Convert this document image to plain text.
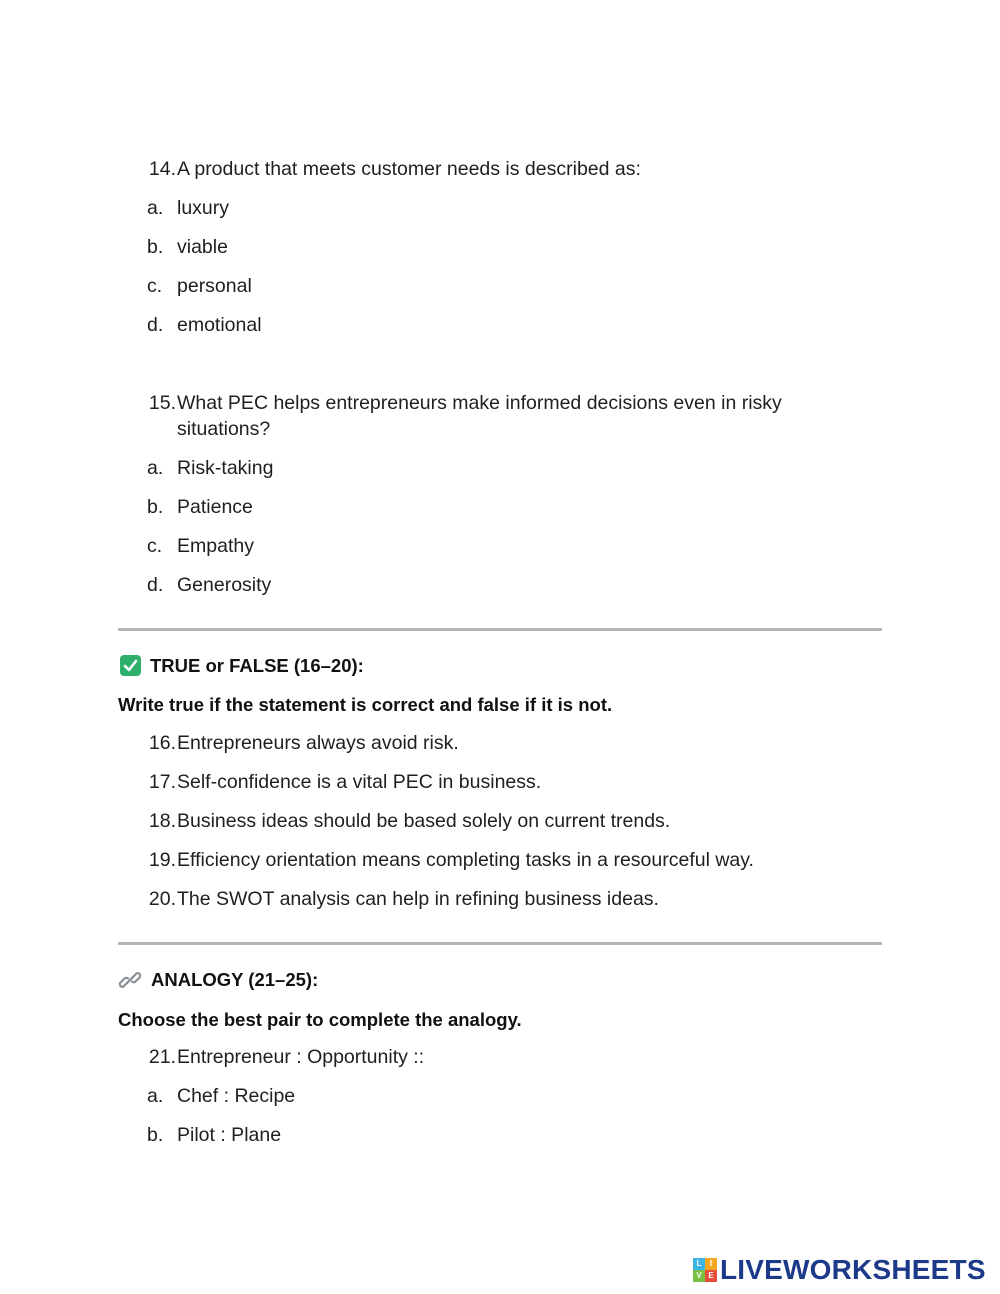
14. A product that meets customer needs is described as:
a. luxury
b. viable
c. personal
d. emotional
15. What PEC helps entrepreneurs make informed decisions even in risky
situations?
a. Risk-taking
b. Patience
c. Empathy
d. Generosity
TRUE or FALSE (16–20):
Write true if the statement is correct and false if it is not.
16. Entrepreneurs always avoid risk.
17. Self-confidence is a vital PEC in business.
18. Business ideas should be based solely on current trends.
19. Efficiency orientation means completing tasks in a resourceful way.
20. The SWOT analysis can help in refining business ideas.
ANALOGY (21–25):
Choose the best pair to complete the analogy.
21. Entrepreneur : Opportunity ::
a. Chef : Recipe
b. Pilot : Plane
L	I
V E LIVEWORKSHEETS
